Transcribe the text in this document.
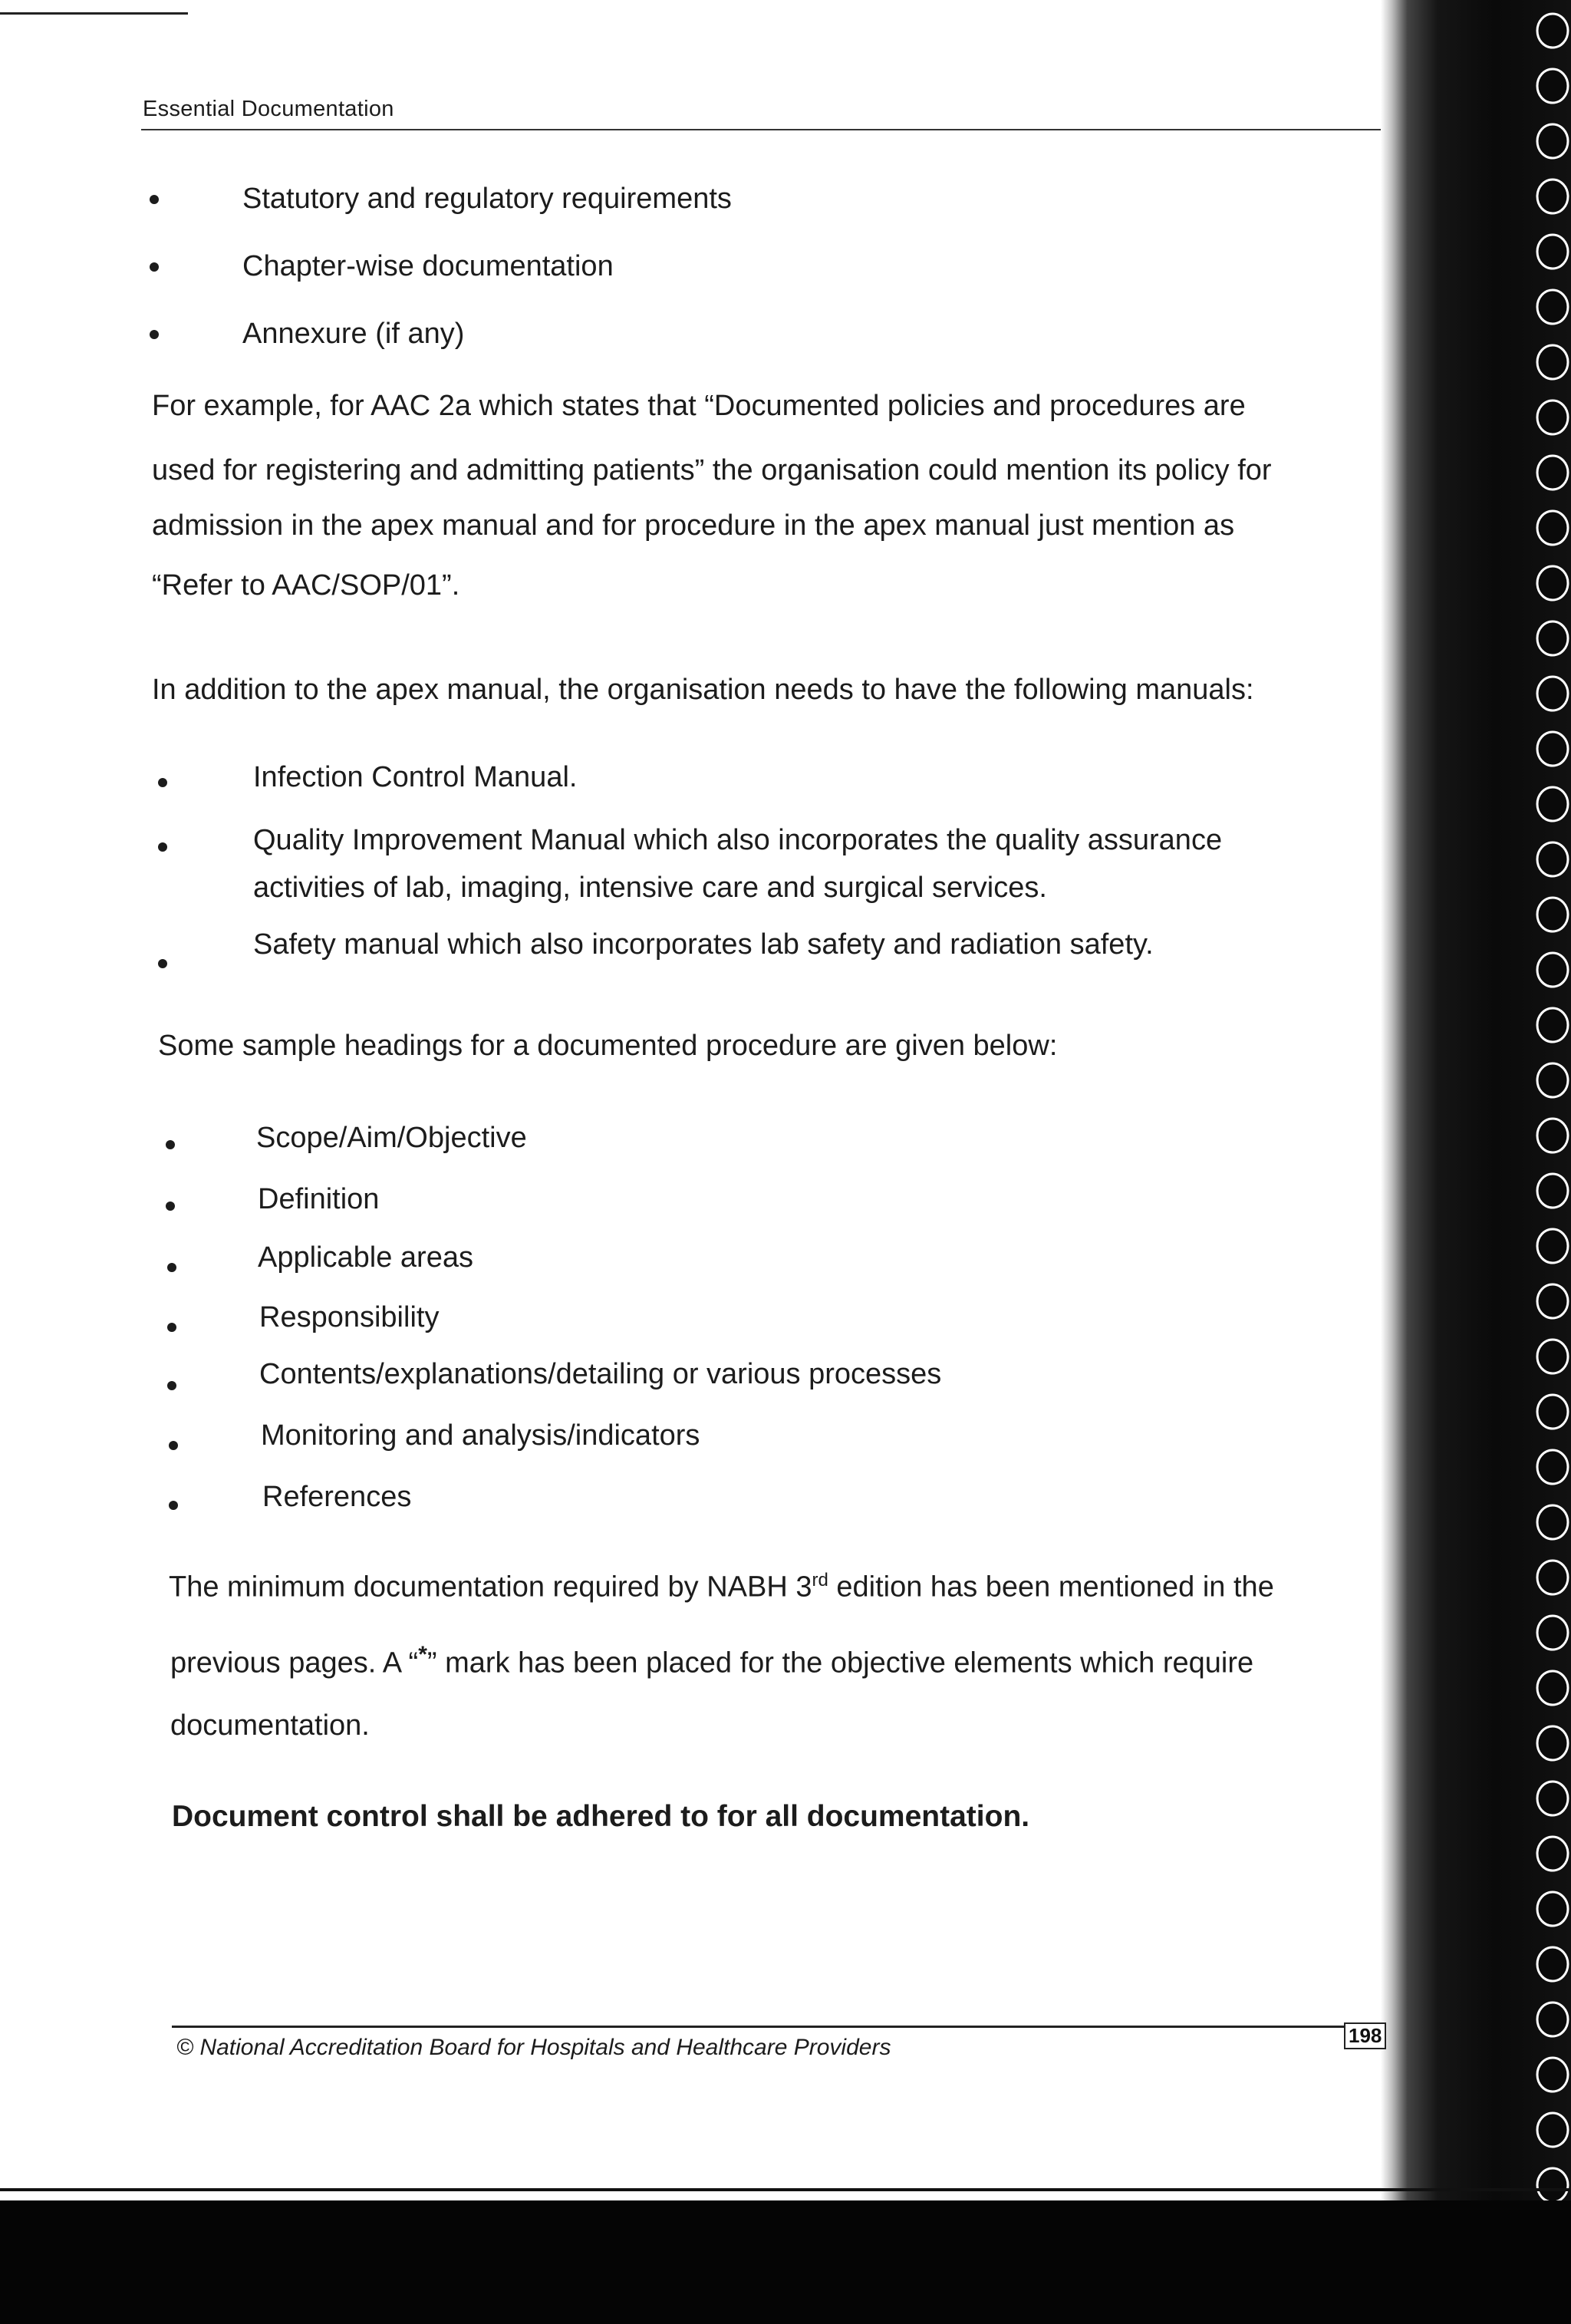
Essential Documentation
Statutory and regulatory requirements
Chapter-wise documentation
Annexure (if any)

For example, for AAC 2a which states that “Documented policies and procedures are

used for registering and admitting patients” the organisation could mention its policy for

admission in the apex manual and for procedure in the apex manual just mention as

“Refer to AAC/SOP/01”.

In addition to the apex manual, the organisation needs to have the following manuals:

Infection Control Manual.

Quality Improvement Manual which also incorporates the quality assurance

activities of lab, imaging, intensive care and surgical services.

Safety manual which also incorporates lab safety and radiation safety.

Some sample headings for a documented procedure are given below:

Scope/Aim/Objective

Definition

Applicable areas

Responsibility

Contents/explanations/detailing or various processes

Monitoring and analysis/indicators

References

The minimum documentation required by NABH 3rd edition has been mentioned in the

previous pages. A “*” mark has been placed for the objective elements which require

documentation.

Document control shall be adhered to for all documentation.

© National Accreditation Board for Hospitals and Healthcare Providers	198
